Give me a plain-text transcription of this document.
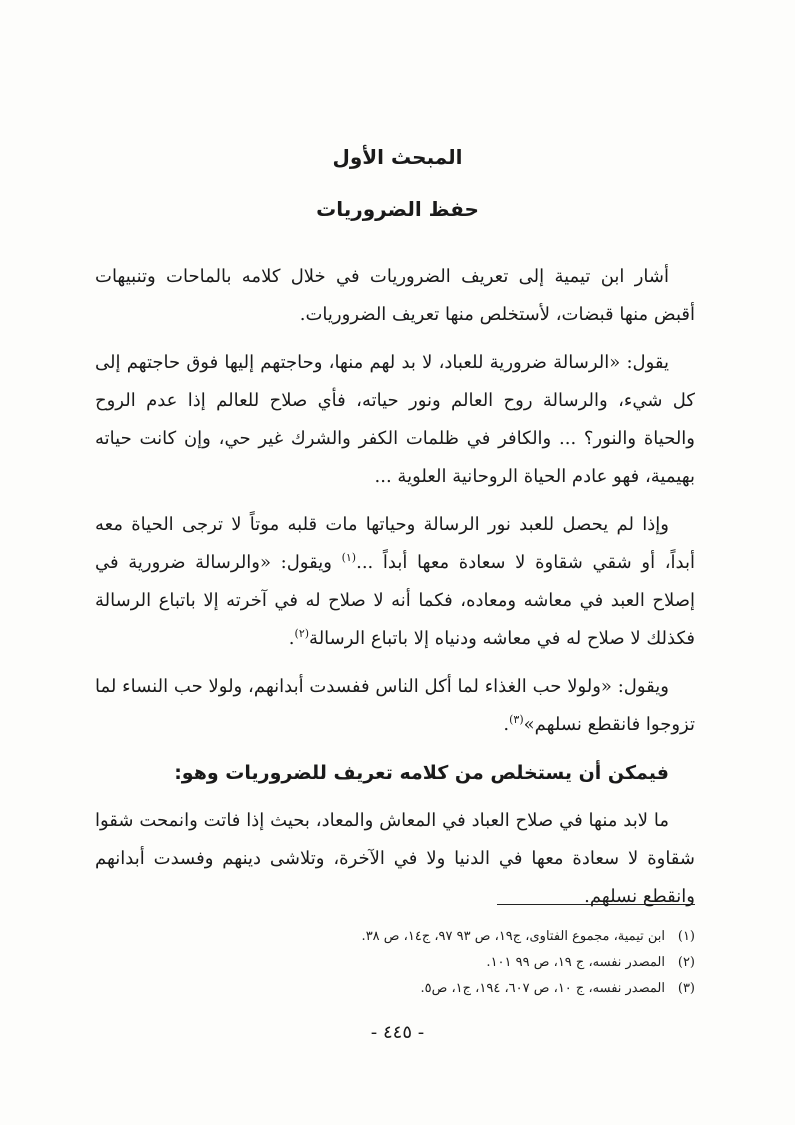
المبحث الأول
حفظ الضروريات

أشار ابن تيمية إلى تعريف الضروريات في خلال كلامه بالماحات وتنبيهات أقبض منها قبضات، لأستخلص منها تعريف الضروريات.

يقول: «الرسالة ضرورية للعباد، لا بد لهم منها، وحاجتهم إليها فوق حاجتهم إلى كل شيء، والرسالة روح العالم ونور حياته، فأي صلاح للعالم إذا عدم الروح والحياة والنور؟ ... والكافر في ظلمات الكفر والشرك غير حي، وإن كانت حياته بهيمية، فهو عادم الحياة الروحانية العلوية ...

وإذا لم يحصل للعبد نور الرسالة وحياتها مات قلبه موتاً لا ترجى الحياة معه أبداً، أو شقي شقاوة لا سعادة معها أبداً ...$^{(١)}$ ويقول: «والرسالة ضرورية في إصلاح العبد في معاشه ومعاده، فكما أنه لا صلاح له في آخرته إلا باتباع الرسالة فكذلك لا صلاح له في معاشه ودنياه إلا باتباع الرسالة$^{(٢)}$.

ويقول: «ولولا حب الغذاء لما أكل الناس ففسدت أبدانهم، ولولا حب النساء لما تزوجوا فانقطع نسلهم»$^{(٣)}$.

فيمكن أن يستخلص من كلامه تعريف للضروريات وهو:

ما لابد منها في صلاح العباد في المعاش والمعاد، بحيث إذا فاتت وانمحت شقوا شقاوة لا سعادة معها في الدنيا ولا في الآخرة، وتلاشى دينهم وفسدت أبدانهم وانقطع نسلهم.

(١)ابن تيمية، مجموع الفتاوى، ج١٩، ص ٩٣ ٩٧، ج١٤، ص ٣٨.
(٢)المصدر نفسه، ج ١٩، ص ٩٩ ١٠١.
(٣)المصدر نفسه، ج ١٠، ص ٦٠٧، ١٩٤، ج١، ص٥.
- ٤٤٥ -
